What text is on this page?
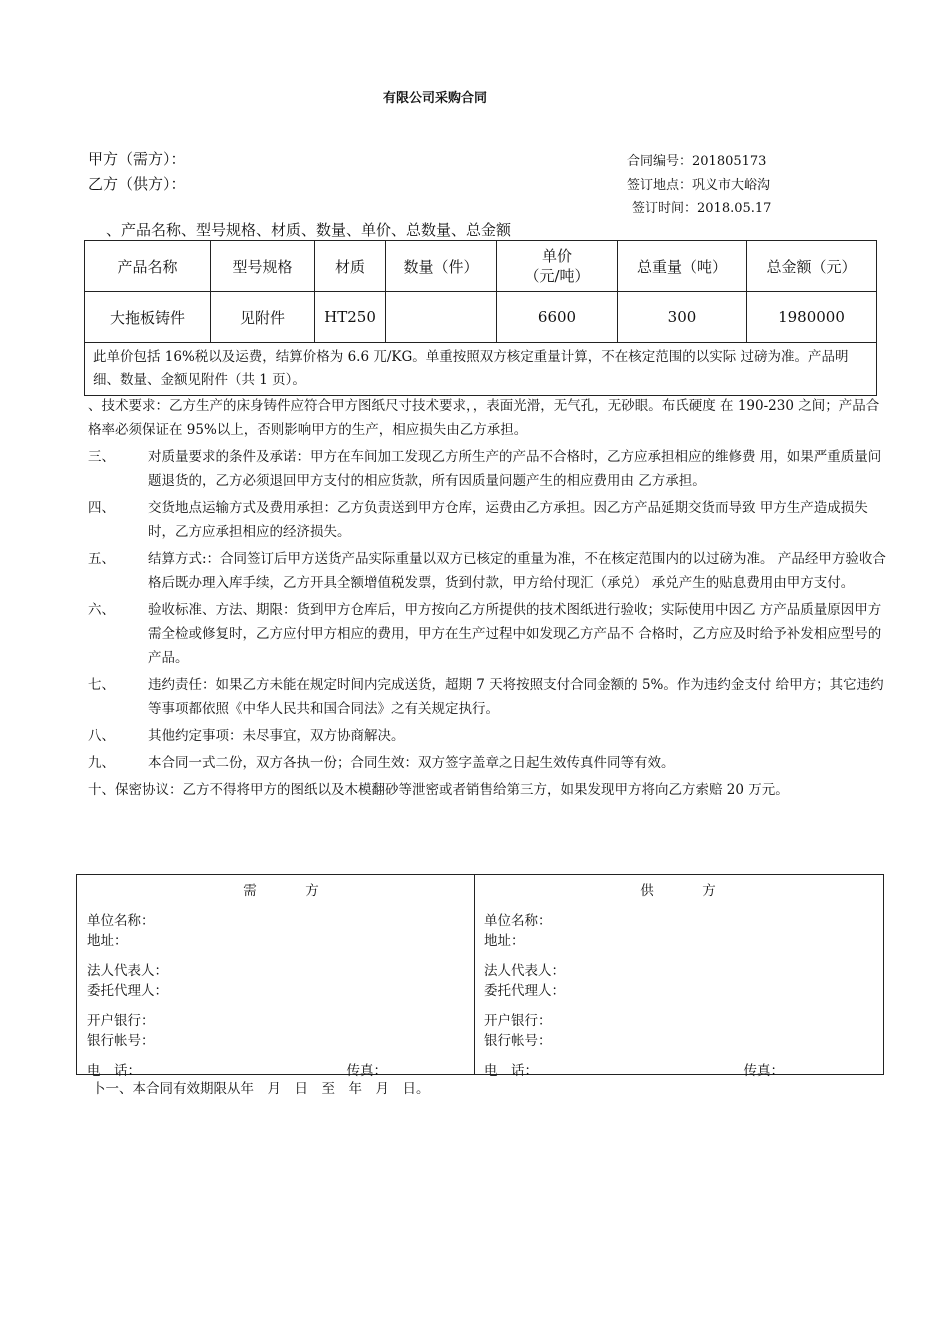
有限公司采购合同
甲方（需方）：
乙方（供方）：
合同编号：201805173
签订地点：巩义市大峪沟
签订时间：2018.05.17
、产品名称、型号规格、材质、数量、单价、总数量、总金额
产品名称	型号规格	材质	数量（件）	单价
（元/吨）	总重量（吨）	总金额（元）
大拖板铸件	见附件	HT250		6600	300	1980000
此单价包括 16%税以及运费，结算价格为 6.6 兀/KG。单重按照双方核定重量计算，不在核定范围的以实际 过磅为准。产品明细、数量、金额见附件（共 1 页）。						
、技术要求：乙方生产的床身铸件应符合甲方图纸尺寸技术要求，，表面光滑，无气孔，无砂眼。布氏硬度 在 190-230 之间；产品合格率必须保证在 95%以上，否则影响甲方的生产，相应损失由乙方承担。
三、	对质量要求的条件及承诺：甲方在车间加工发现乙方所生产的产品不合格时，乙方应承担相应的维修费 用，如果严重质量问题退货的，乙方必须退回甲方支付的相应货款，所有因质量问题产生的相应费用由 乙方承担。
四、	交货地点运输方式及费用承担：乙方负责送到甲方仓库，运费由乙方承担。因乙方产品延期交货而导致 甲方生产造成损失时，乙方应承担相应的经济损失。
五、	结算方式:：合同签订后甲方送货产品实际重量以双方已核定的重量为准，不在核定范围内的以过磅为准。 产品经甲方验收合格后既办理入库手续，乙方开具全额增值税发票，货到付款，甲方给付现汇（承兑） 承兑产生的贴息费用由甲方支付。
六、	验收标准、方法、期限：货到甲方仓库后，甲方按向乙方所提供的技术图纸进行验收；实际使用中因乙 方产品质量原因甲方需全检或修复时，乙方应付甲方相应的费用，甲方在生产过程中如发现乙方产品不 合格时，乙方应及时给予补发相应型号的产品。
七、	违约责任：如果乙方未能在规定时间内完成送货，超期 7 天将按照支付合同金额的 5%。作为违约金支付 给甲方；其它违约等事项都依照《中华人民共和国合同法》之有关规定执行。
八、	其他约定事项：未尽事宜，双方协商解决。
九、	本合同一式二份，双方各执一份；合同生效：双方签字盖章之日起生效传真件同等有效。
十、保密协议：乙方不得将甲方的图纸以及木模翻砂等泄密或者销售给第三方，如果发现甲方将向乙方索赔 20 万元。
需　　　方
单位名称：
地址：
法人代表人：
委托代理人：
开户银行：
银行帐号：
电　话：	传真：
供　　　方
单位名称：
地址：
法人代表人：
委托代理人：
开户银行：
银行帐号：
电　话：	传真：
卜一、本合同有效期限从年　月　日　至　年　月　日。
